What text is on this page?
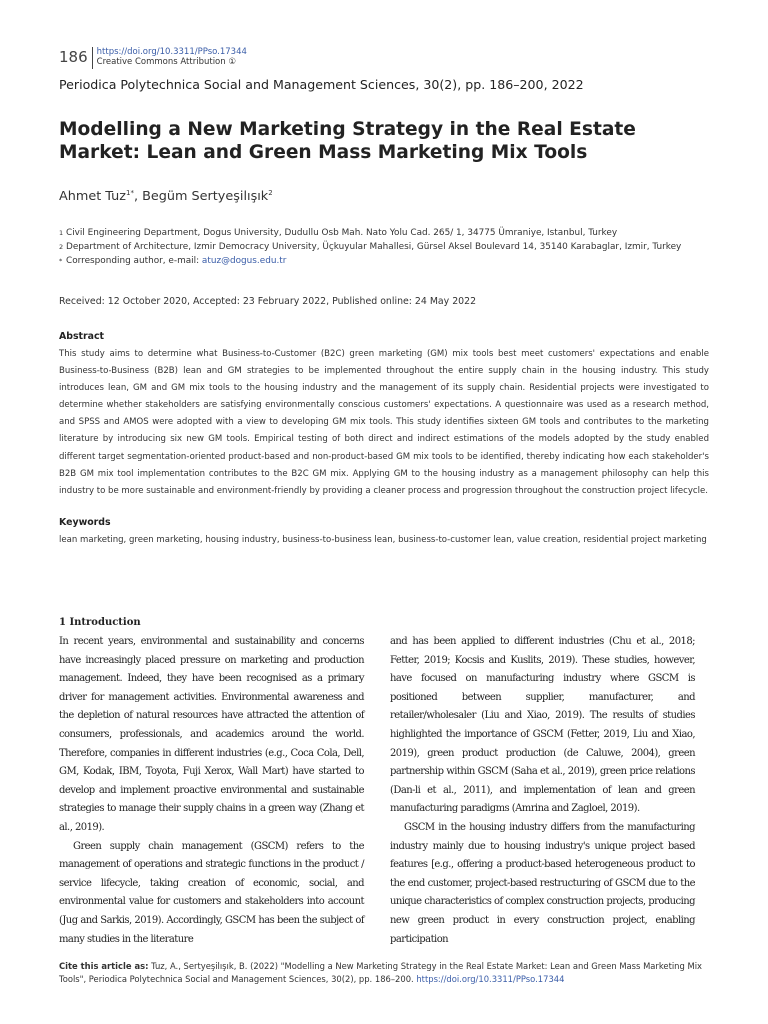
186	https://doi.org/10.3311/PPso.17344
Creative Commons Attribution ①
Periodica Polytechnica Social and Management Sciences, 30(2), pp. 186–200, 2022
Modelling a New Marketing Strategy in the Real Estate Market: Lean and Green Mass Marketing Mix Tools
Ahmet Tuz$^{1*}$, Begüm Sertyeşilışık$^2$
1 Civil Engineering Department, Dogus University, Dudullu Osb Mah. Nato Yolu Cad. 265/ 1, 34775 Ümraniye, Istanbul, Turkey
2 Department of Architecture, Izmir Democracy University, Üçkuyular Mahallesi, Gürsel Aksel Boulevard 14, 35140 Karabaglar, Izmir, Turkey
* Corresponding author, e-mail: atuz@dogus.edu.tr
Received: 12 October 2020, Accepted: 23 February 2022, Published online: 24 May 2022
Abstract
This study aims to determine what Business-to-Customer (B2C) green marketing (GM) mix tools best meet customers' expectations and enable Business-to-Business (B2B) lean and GM strategies to be implemented throughout the entire supply chain in the housing industry. This study introduces lean, GM and GM mix tools to the housing industry and the management of its supply chain. Residential projects were investigated to determine whether stakeholders are satisfying environmentally conscious customers' expectations. A questionnaire was used as a research method, and SPSS and AMOS were adopted with a view to developing GM mix tools. This study identifies sixteen GM tools and contributes to the marketing literature by introducing six new GM tools. Empirical testing of both direct and indirect estimations of the models adopted by the study enabled different target segmentation-oriented product-based and non-product-based GM mix tools to be identified, thereby indicating how each stakeholder's B2B GM mix tool implementation contributes to the B2C GM mix. Applying GM to the housing industry as a management philosophy can help this industry to be more sustainable and environment-friendly by providing a cleaner process and progression throughout the construction project lifecycle.
Keywords
lean marketing, green marketing, housing industry, business-to-business lean, business-to-customer lean, value creation, residential project marketing
1 Introduction

In recent years, environmental and sustainability and concerns have increasingly placed pressure on marketing and production management. Indeed, they have been recognised as a primary driver for management activities. Environmental awareness and the depletion of natural resources have attracted the attention of consumers, professionals, and academics around the world. Therefore, companies in different industries (e.g., Coca Cola, Dell, GM, Kodak, IBM, Toyota, Fuji Xerox, Wall Mart) have started to develop and implement proactive environmental and sustainable strategies to manage their supply chains in a green way (Zhang et al., 2019).

Green supply chain management (GSCM) refers to the management of operations and strategic functions in the product / service lifecycle, taking creation of economic, social, and environmental value for customers and stakeholders into account (Jug and Sarkis, 2019). Accordingly, GSCM has been the subject of many studies in the literature

and has been applied to different industries (Chu et al., 2018; Fetter, 2019; Kocsis and Kuslits, 2019). These studies, however, have focused on manufacturing industry where GSCM is positioned between supplier, manufacturer, and retailer/wholesaler (Liu and Xiao, 2019). The results of studies highlighted the importance of GSCM (Fetter, 2019, Liu and Xiao, 2019), green product production (de Caluwe, 2004), green partnership within GSCM (Saha et al., 2019), green price relations (Dan-li et al., 2011), and implementation of lean and green manufacturing paradigms (Amrina and Zagloel, 2019).

GSCM in the housing industry differs from the manufacturing industry mainly due to housing industry's unique project based features [e.g., offering a product-based heterogeneous product to the end customer, project-based restructuring of GSCM due to the unique characteristics of complex construction projects, producing new green product in every construction project, enabling participation

Cite this article as: Tuz, A., Sertyeşilışık, B. (2022) "Modelling a New Marketing Strategy in the Real Estate Market: Lean and Green Mass Marketing Mix Tools", Periodica Polytechnica Social and Management Sciences, 30(2), pp. 186–200. https://doi.org/10.3311/PPso.17344
